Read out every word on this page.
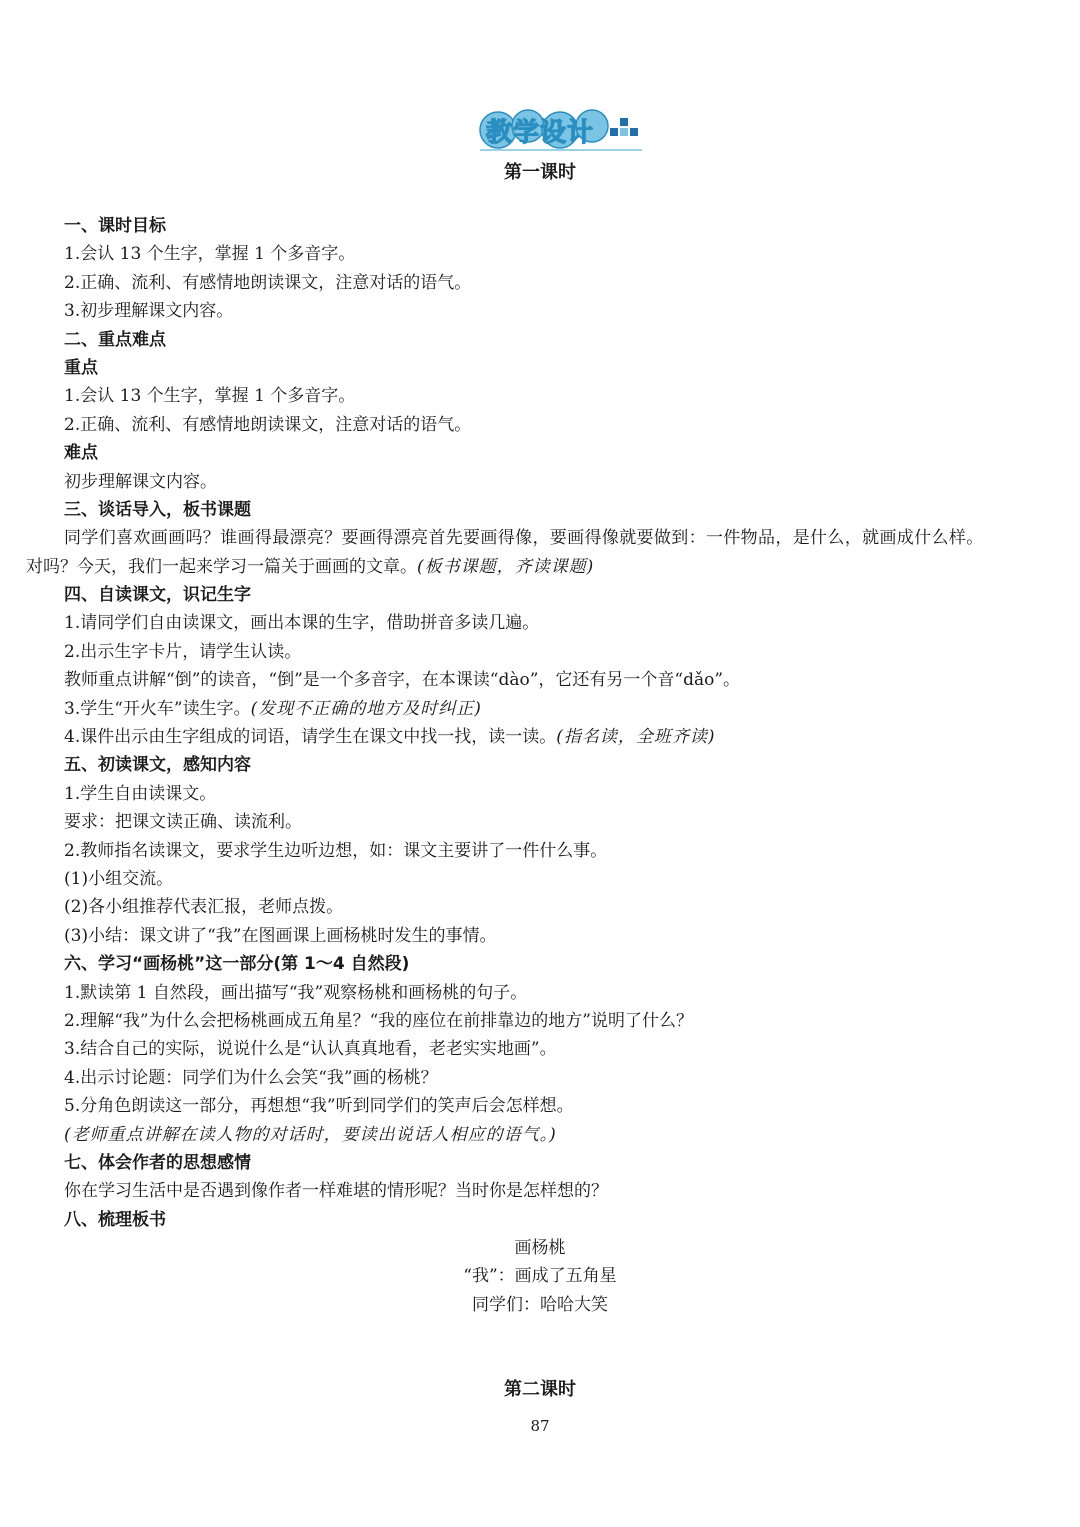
教学设计
第一课时
一、课时目标
1.会认 13 个生字，掌握 1 个多音字。
2.正确、流利、有感情地朗读课文，注意对话的语气。
3.初步理解课文内容。
二、重点难点
重点
1.会认 13 个生字，掌握 1 个多音字。
2.正确、流利、有感情地朗读课文，注意对话的语气。
难点
初步理解课文内容。
三、谈话导入，板书课题
同学们喜欢画画吗？谁画得最漂亮？要画得漂亮首先要画得像，要画得像就要做到：一件物品，是什么，就画成什么样。
对吗？今天，我们一起来学习一篇关于画画的文章。(板书课题，齐读课题)
四、自读课文，识记生字
1.请同学们自由读课文，画出本课的生字，借助拼音多读几遍。
2.出示生字卡片，请学生认读。
教师重点讲解“倒”的读音，“倒”是一个多音字，在本课读“dào”，它还有另一个音“dǎo”。
3.学生“开火车”读生字。(发现不正确的地方及时纠正)
4.课件出示由生字组成的词语，请学生在课文中找一找，读一读。(指名读，全班齐读)
五、初读课文，感知内容
1.学生自由读课文。
要求：把课文读正确、读流利。
2.教师指名读课文，要求学生边听边想，如：课文主要讲了一件什么事。
(1)小组交流。
(2)各小组推荐代表汇报，老师点拨。
(3)小结：课文讲了“我”在图画课上画杨桃时发生的事情。
六、学习“画杨桃”这一部分(第 1～4 自然段)
1.默读第 1 自然段，画出描写“我”观察杨桃和画杨桃的句子。
2.理解“我”为什么会把杨桃画成五角星？“我的座位在前排靠边的地方”说明了什么？
3.结合自己的实际，说说什么是“认认真真地看，老老实实地画”。
4.出示讨论题：同学们为什么会笑“我”画的杨桃？
5.分角色朗读这一部分，再想想“我”听到同学们的笑声后会怎样想。
(老师重点讲解在读人物的对话时，要读出说话人相应的语气。)
七、体会作者的思想感情
你在学习生活中是否遇到像作者一样难堪的情形呢？当时你是怎样想的？
八、梳理板书
画杨桃
“我”：画成了五角星
同学们：哈哈大笑
第二课时
87
